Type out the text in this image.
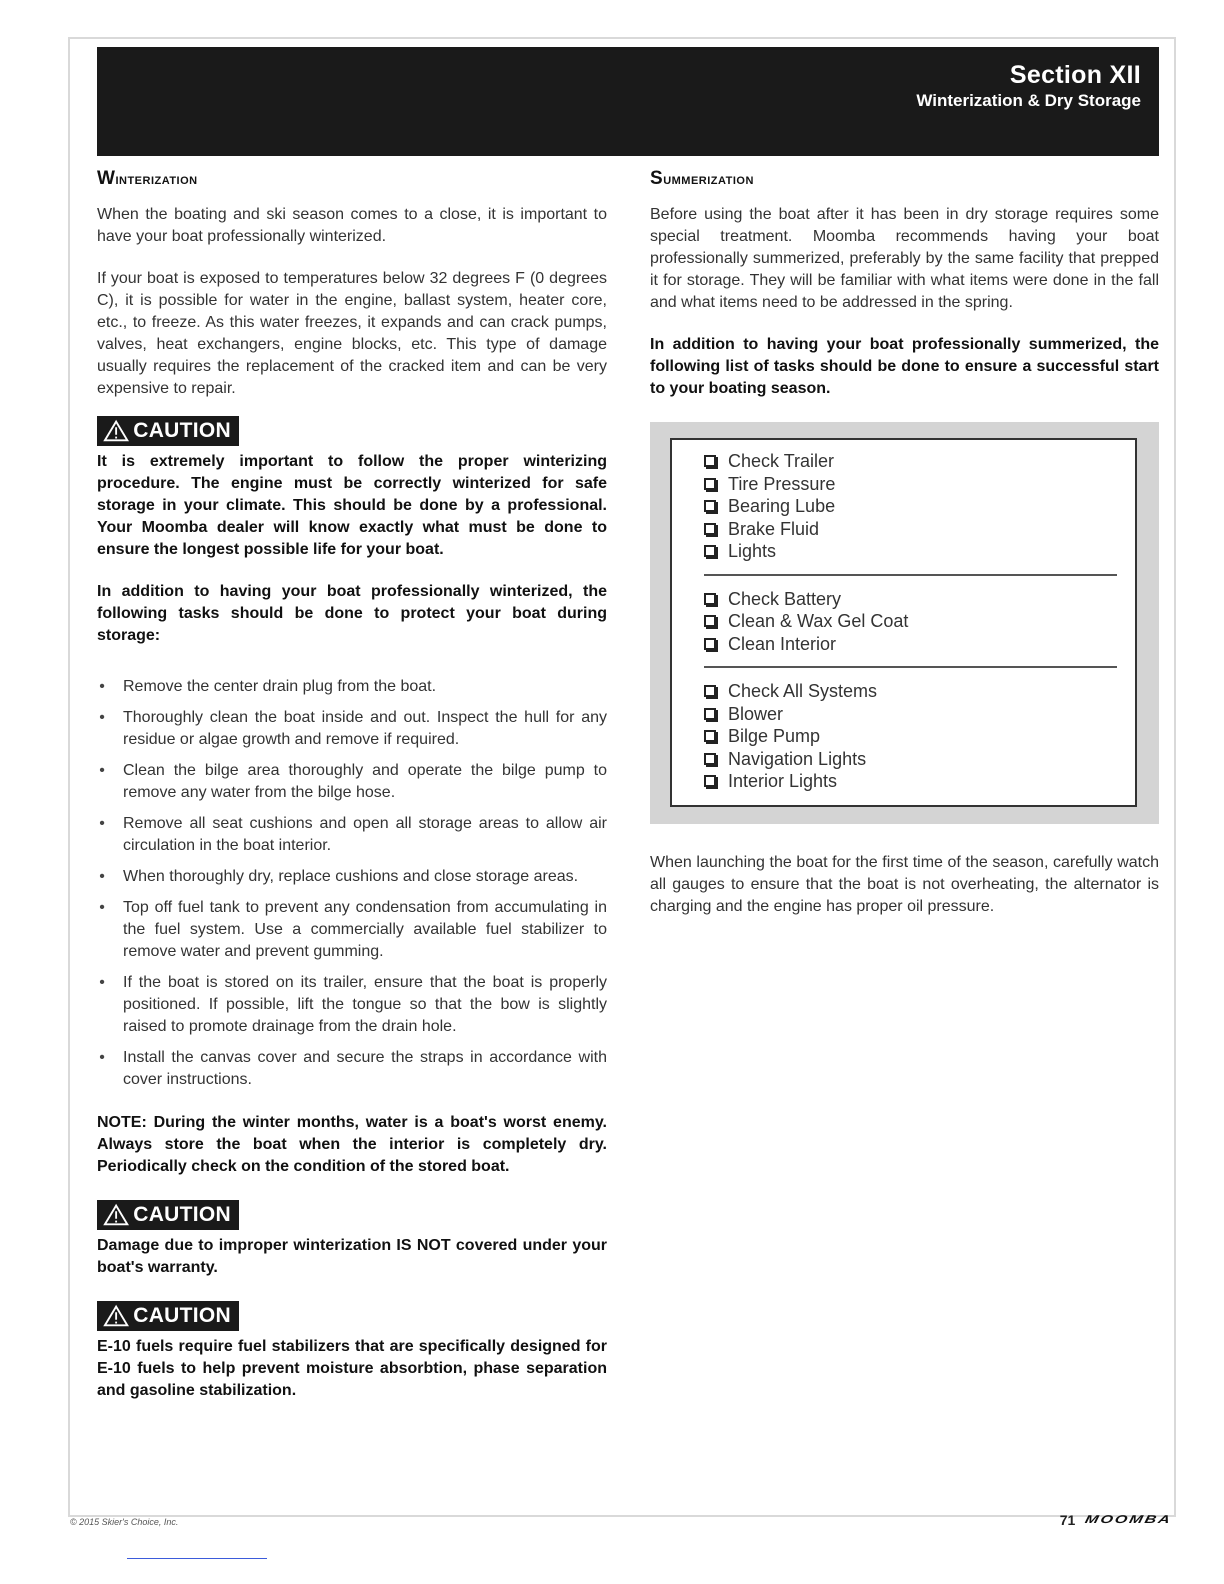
Section XII
Winterization & Dry Storage
Winterization

When the boating and ski season comes to a close, it is important to have your boat professionally winterized.

If your boat is exposed to temperatures below 32 degrees F (0 degrees C), it is possible for water in the engine, ballast system, heater core, etc., to freeze. As this water freezes, it expands and can crack pumps, valves, heat exchangers, engine blocks, etc. This type of damage usually requires the replacement of the cracked item and can be very expensive to repair.

CAUTION

It is extremely important to follow the proper winterizing procedure. The engine must be correctly winterized for safe storage in your climate. This should be done by a professional. Your Moomba dealer will know exactly what must be done to ensure the longest possible life for your boat.

In addition to having your boat professionally winterized, the following tasks should be done to protect your boat during storage:

• Remove the center drain plug from the boat.
• Thoroughly clean the boat inside and out. Inspect the hull for any residue or algae growth and remove if required.
• Clean the bilge area thoroughly and operate the bilge pump to remove any water from the bilge hose.
• Remove all seat cushions and open all storage areas to allow air circulation in the boat interior.
• When thoroughly dry, replace cushions and close storage areas.
• Top off fuel tank to prevent any condensation from accumulating in the fuel system. Use a commercially available fuel stabilizer to remove water and prevent gumming.
• If the boat is stored on its trailer, ensure that the boat is properly positioned. If possible, lift the tongue so that the bow is slightly raised to promote drainage from the drain hole.
• Install the canvas cover and secure the straps in accordance with cover instructions.

NOTE: During the winter months, water is a boat's worst enemy. Always store the boat when the interior is completely dry. Periodically check on the condition of the stored boat.

CAUTION

Damage due to improper winterization IS NOT covered under your boat's warranty.

CAUTION

E-10 fuels require fuel stabilizers that are specifically designed for E-10 fuels to help prevent moisture absorbtion, phase separation and gasoline stabilization.

Summerization

Before using the boat after it has been in dry storage requires some special treatment. Moomba recommends having your boat professionally summerized, preferably by the same facility that prepped it for storage. They will be familiar with what items were done in the fall and what items need to be addressed in the spring.

In addition to having your boat professionally summerized, the following list of tasks should be done to ensure a successful start to your boating season.

Check Trailer
Tire Pressure
Bearing Lube
Brake Fluid
Lights
Check Battery
Clean & Wax Gel Coat
Clean Interior
Check All Systems
Blower
Bilge Pump
Navigation Lights
Interior Lights

When launching the boat for the first time of the season, carefully watch all gauges to ensure that the boat is not overheating, the alternator is charging and the engine has proper oil pressure.

© 2015 Skier's Choice, Inc.	71 MOOMBA
